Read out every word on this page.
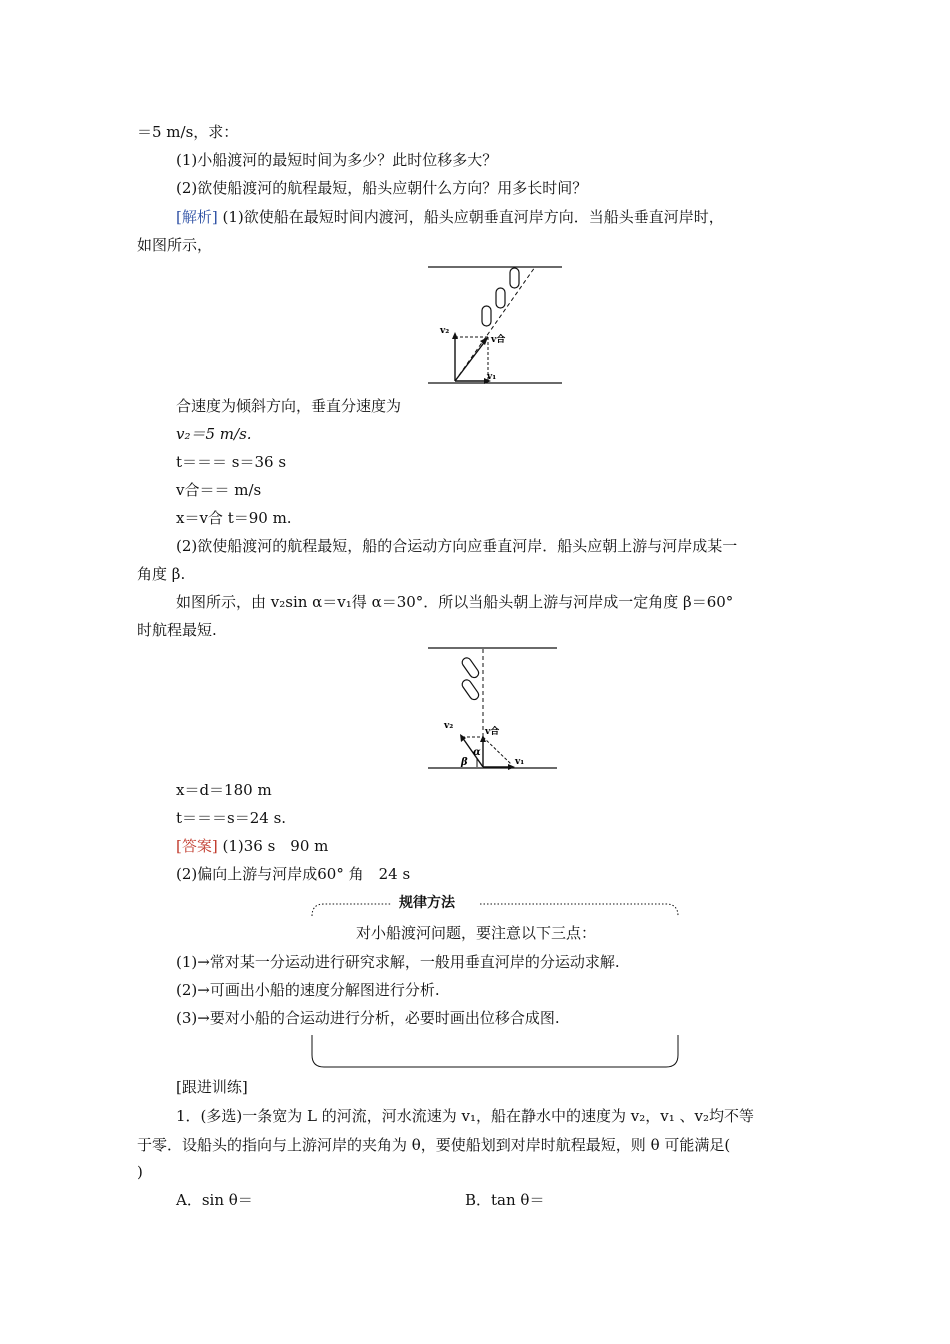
＝5 m/s，求：
(1)小船渡河的最短时间为多少？此时位移多大？
(2)欲使船渡河的航程最短，船头应朝什么方向？用多长时间？
[解析] (1)欲使船在最短时间内渡河，船头应朝垂直河岸方向．当船头垂直河岸时，
如图所示，
v₂
v合
v₁
合速度为倾斜方向，垂直分速度为
v₂＝5 m/s.
t＝＝＝ s＝36 s
v合＝＝ m/s
x＝v合 t＝90 m.
(2)欲使船渡河的航程最短，船的合运动方向应垂直河岸．船头应朝上游与河岸成某一
角度 β.
如图所示，由 v₂sin α＝v₁得 α＝30°．所以当船头朝上游与河岸成一定角度 β＝60°
时航程最短.
v₂
v合
α
β	v₁
x＝d＝180 m
t＝＝＝s＝24 s.
[答案] (1)36 s　90 m
(2)偏向上游与河岸成60° 角　24 s
规律方法
对小船渡河问题，要注意以下三点：
(1)→常对某一分运动进行研究求解，一般用垂直河岸的分运动求解.
(2)→可画出小船的速度分解图进行分析.
(3)→要对小船的合运动进行分析，必要时画出位移合成图.
[跟进训练]
1．(多选)一条宽为 L 的河流，河水流速为 v₁，船在静水中的速度为 v₂，v₁ 、v₂均不等
于零．设船头的指向与上游河岸的夹角为 θ，要使船划到对岸时航程最短，则 θ 可能满足(
)
A．sin θ＝	B．tan θ＝
